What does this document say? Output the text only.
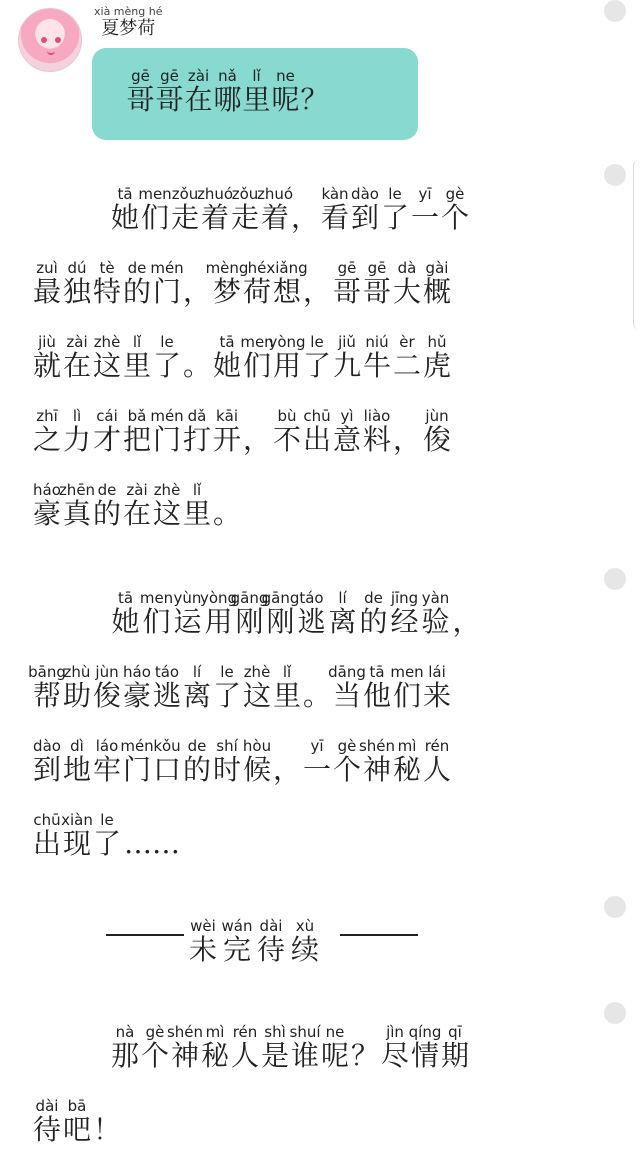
xià mèng hé
夏梦荷
gē
哥
gē
哥
zài
在
nǎ
哪
lǐ
里
ne
呢 ？
tā
她
men
们
zǒu
走
zhuó
着
zǒu
走
zhuó
着 ，
kàn
看
dào
到
le
了
yī
一
gè
个
zuì
最
dú
独
tè
特
de
的
mén
门 ，
mèng
梦
hé
荷
xiǎng
想 ，
gē
哥
gē
哥
dà
大
gài
概
jiù
就
zài
在
zhè
这
lǐ
里
le
了 。
tā
她
men
们
yòng
用
le
了
jiǔ
九
niú
牛
èr
二
hǔ
虎
zhī
之
lì
力
cái
才
bǎ
把
mén
门
dǎ
打
kāi
开 ，
bù
不
chū
出
yì
意
liào
料 ，
jùn
俊
háo
豪
zhēn
真
de
的
zài
在
zhè
这
lǐ
里 。
tā
她
men
们
yùn
运
yòng
用
gāng
刚
gāng
刚
táo
逃
lí
离
de
的
jīng
经
yàn
验 ，
bāng
帮
zhù
助
jùn
俊
háo
豪
táo
逃
lí
离
le
了
zhè
这
lǐ
里 。
dāng
当
tā
他
men
们
lái
来
dào
到
dì
地
láo
牢
mén
门
kǒu
口
de
的
shí
时
hòu
候 ，
yī
一
gè
个
shén
神
mì
秘
rén
人
chū
出
xiàn
现
le
了 ……
wèi
未
wán
完
dài
待
xù
续
nà
那
gè
个
shén
神
mì
秘
rén
人
shì
是
shuí
谁
ne
呢 ？
jìn
尽
qíng
情
qī
期
dài
待
bā
吧 ！
